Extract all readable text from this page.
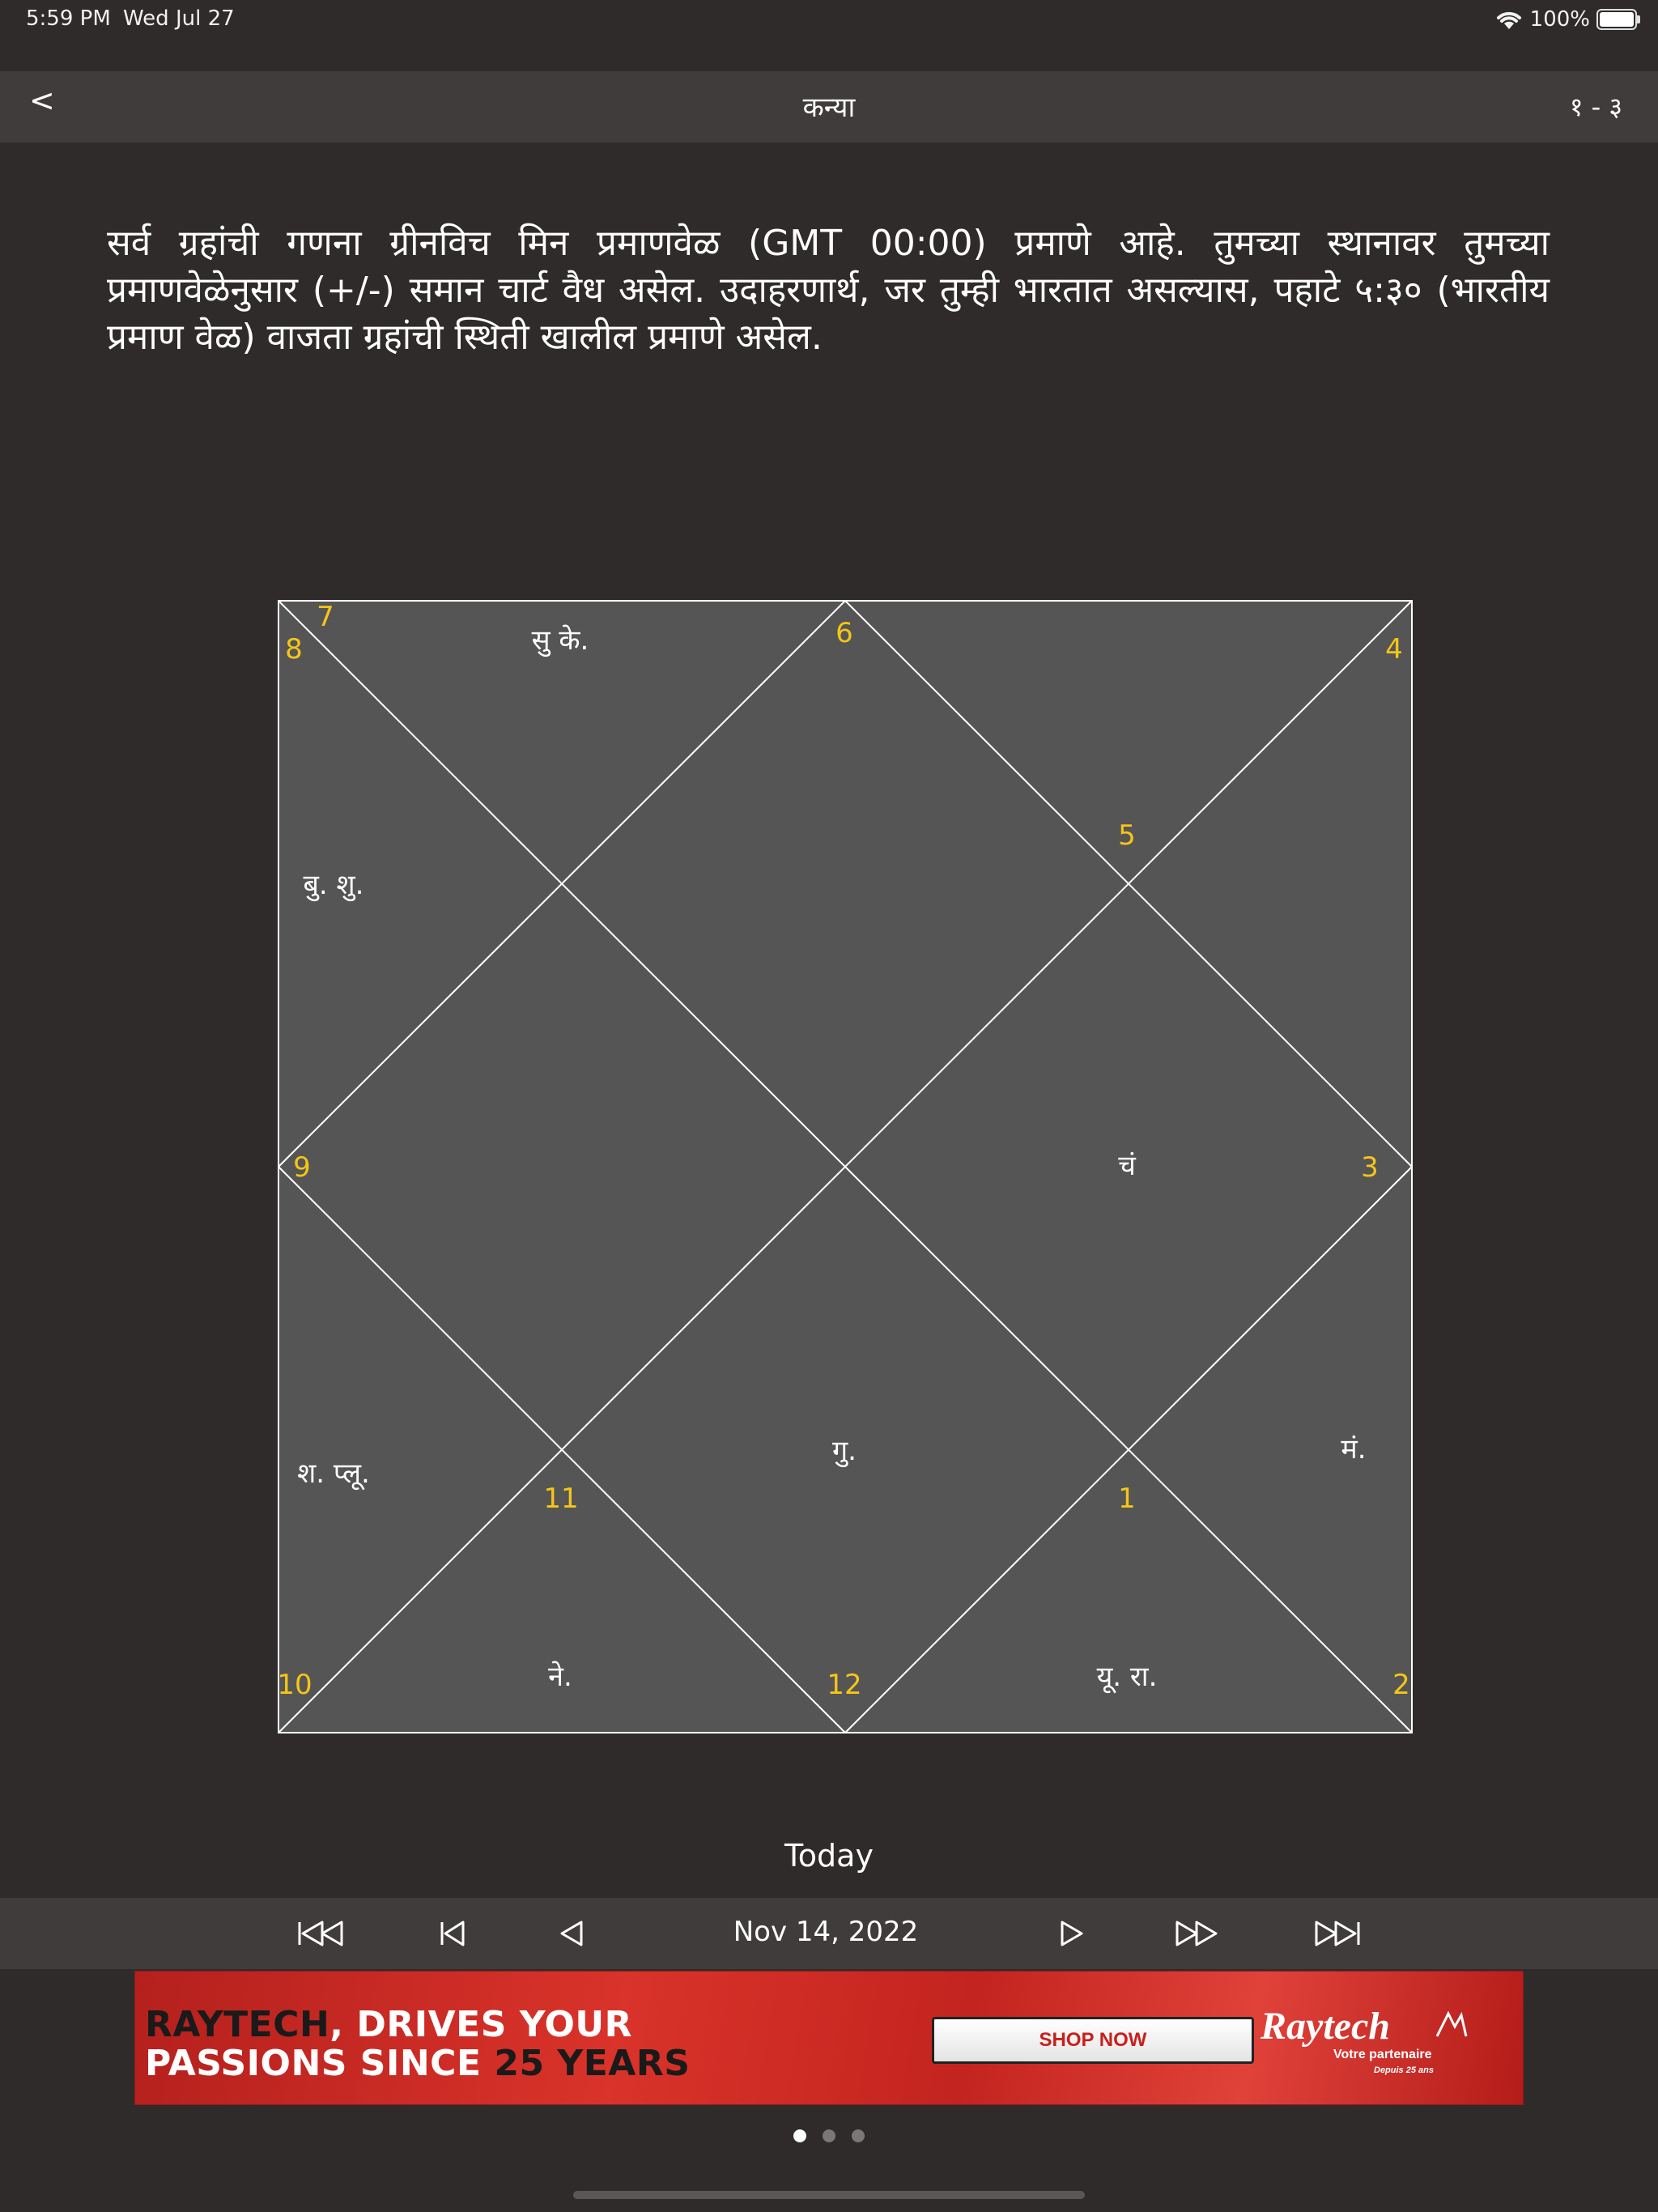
5:59 PM Wed Jul 27	100%
<	कन्या	१ - ३
सर्व ग्रहांची गणना ग्रीनविच मिन प्रमाणवेळ (GMT 00:00) प्रमाणे आहे. तुमच्या स्थानावर तुमच्या प्रमाणवेळेनुसार (+/-) समान चार्ट वैध असेल. उदाहरणार्थ, जर तुम्ही भारतात असल्यास, पहाटे ५:३० (भारतीय प्रमाण वेळ) वाजता ग्रहांची स्थिती खालील प्रमाणे असेल.
7
8	6	4
5
9	3
11	1
10	12	2
सु के.
बु. शु.
चं
श. प्लू.
गु.	मं.
ने.	यू. रा.
Today
Nov 14, 2022
RAYTECH, DRIVES YOUR
PASSIONS SINCE 25 YEARS
SHOP NOW	Raytech
Votre partenaire
Depuis 25 ans
